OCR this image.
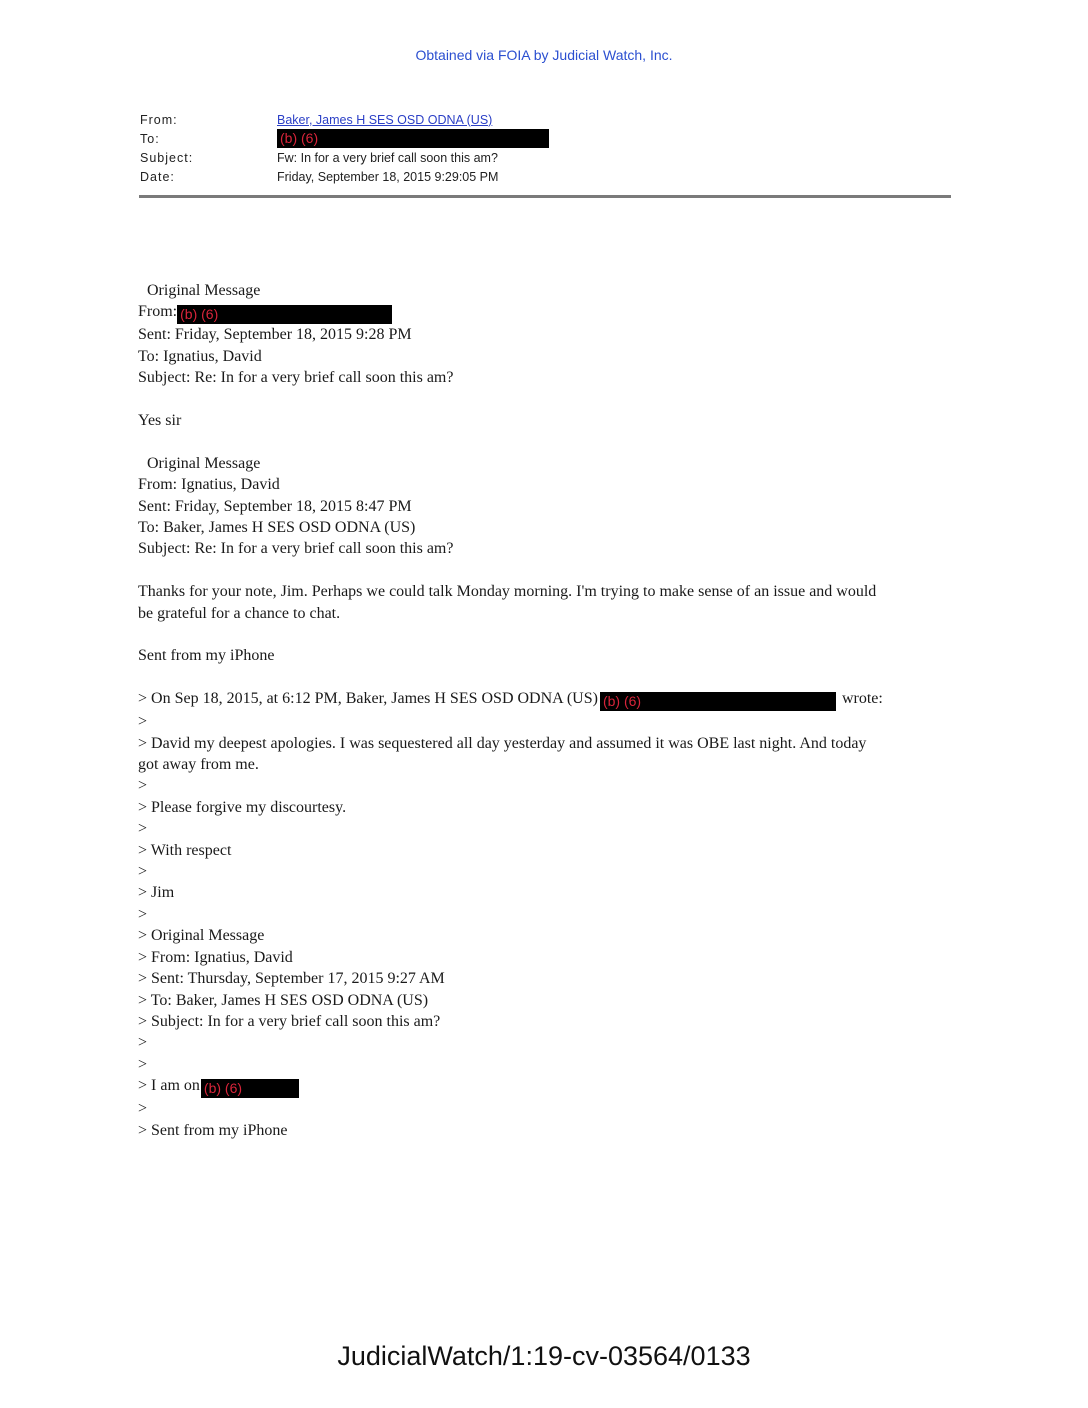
Obtained via FOIA by Judicial Watch, Inc.
From:	Baker, James H SES OSD ODNA (US)
To:	(b) (6)
Subject:	Fw: In for a very brief call soon this am?
Date:	Friday, September 18, 2015 9:29:05 PM
Original Message
From: (b) (6)
Sent: Friday, September 18, 2015 9:28 PM
To: Ignatius, David
Subject: Re: In for a very brief call soon this am?
Yes sir
Original Message
From: Ignatius, David
Sent: Friday, September 18, 2015 8:47 PM
To: Baker, James H SES OSD ODNA (US)
Subject: Re: In for a very brief call soon this am?
Thanks for your note, Jim. Perhaps we could talk Monday morning. I'm trying to make sense of an issue and would
be grateful for a chance to chat.
Sent from my iPhone
> On Sep 18, 2015, at 6:12 PM, Baker, James H SES OSD ODNA (US) (b) (6)	wrote:
>
> David my deepest apologies. I was sequestered all day yesterday and assumed it was OBE last night. And today
got away from me.
>
> Please forgive my discourtesy.
>
> With respect
>
> Jim
>
> Original Message
> From: Ignatius, David
> Sent: Thursday, September 17, 2015 9:27 AM
> To: Baker, James H SES OSD ODNA (US)
> Subject: In for a very brief call soon this am?
>
>
> I am on (b) (6)
>
> Sent from my iPhone
JudicialWatch/1:19-cv-03564/0133
